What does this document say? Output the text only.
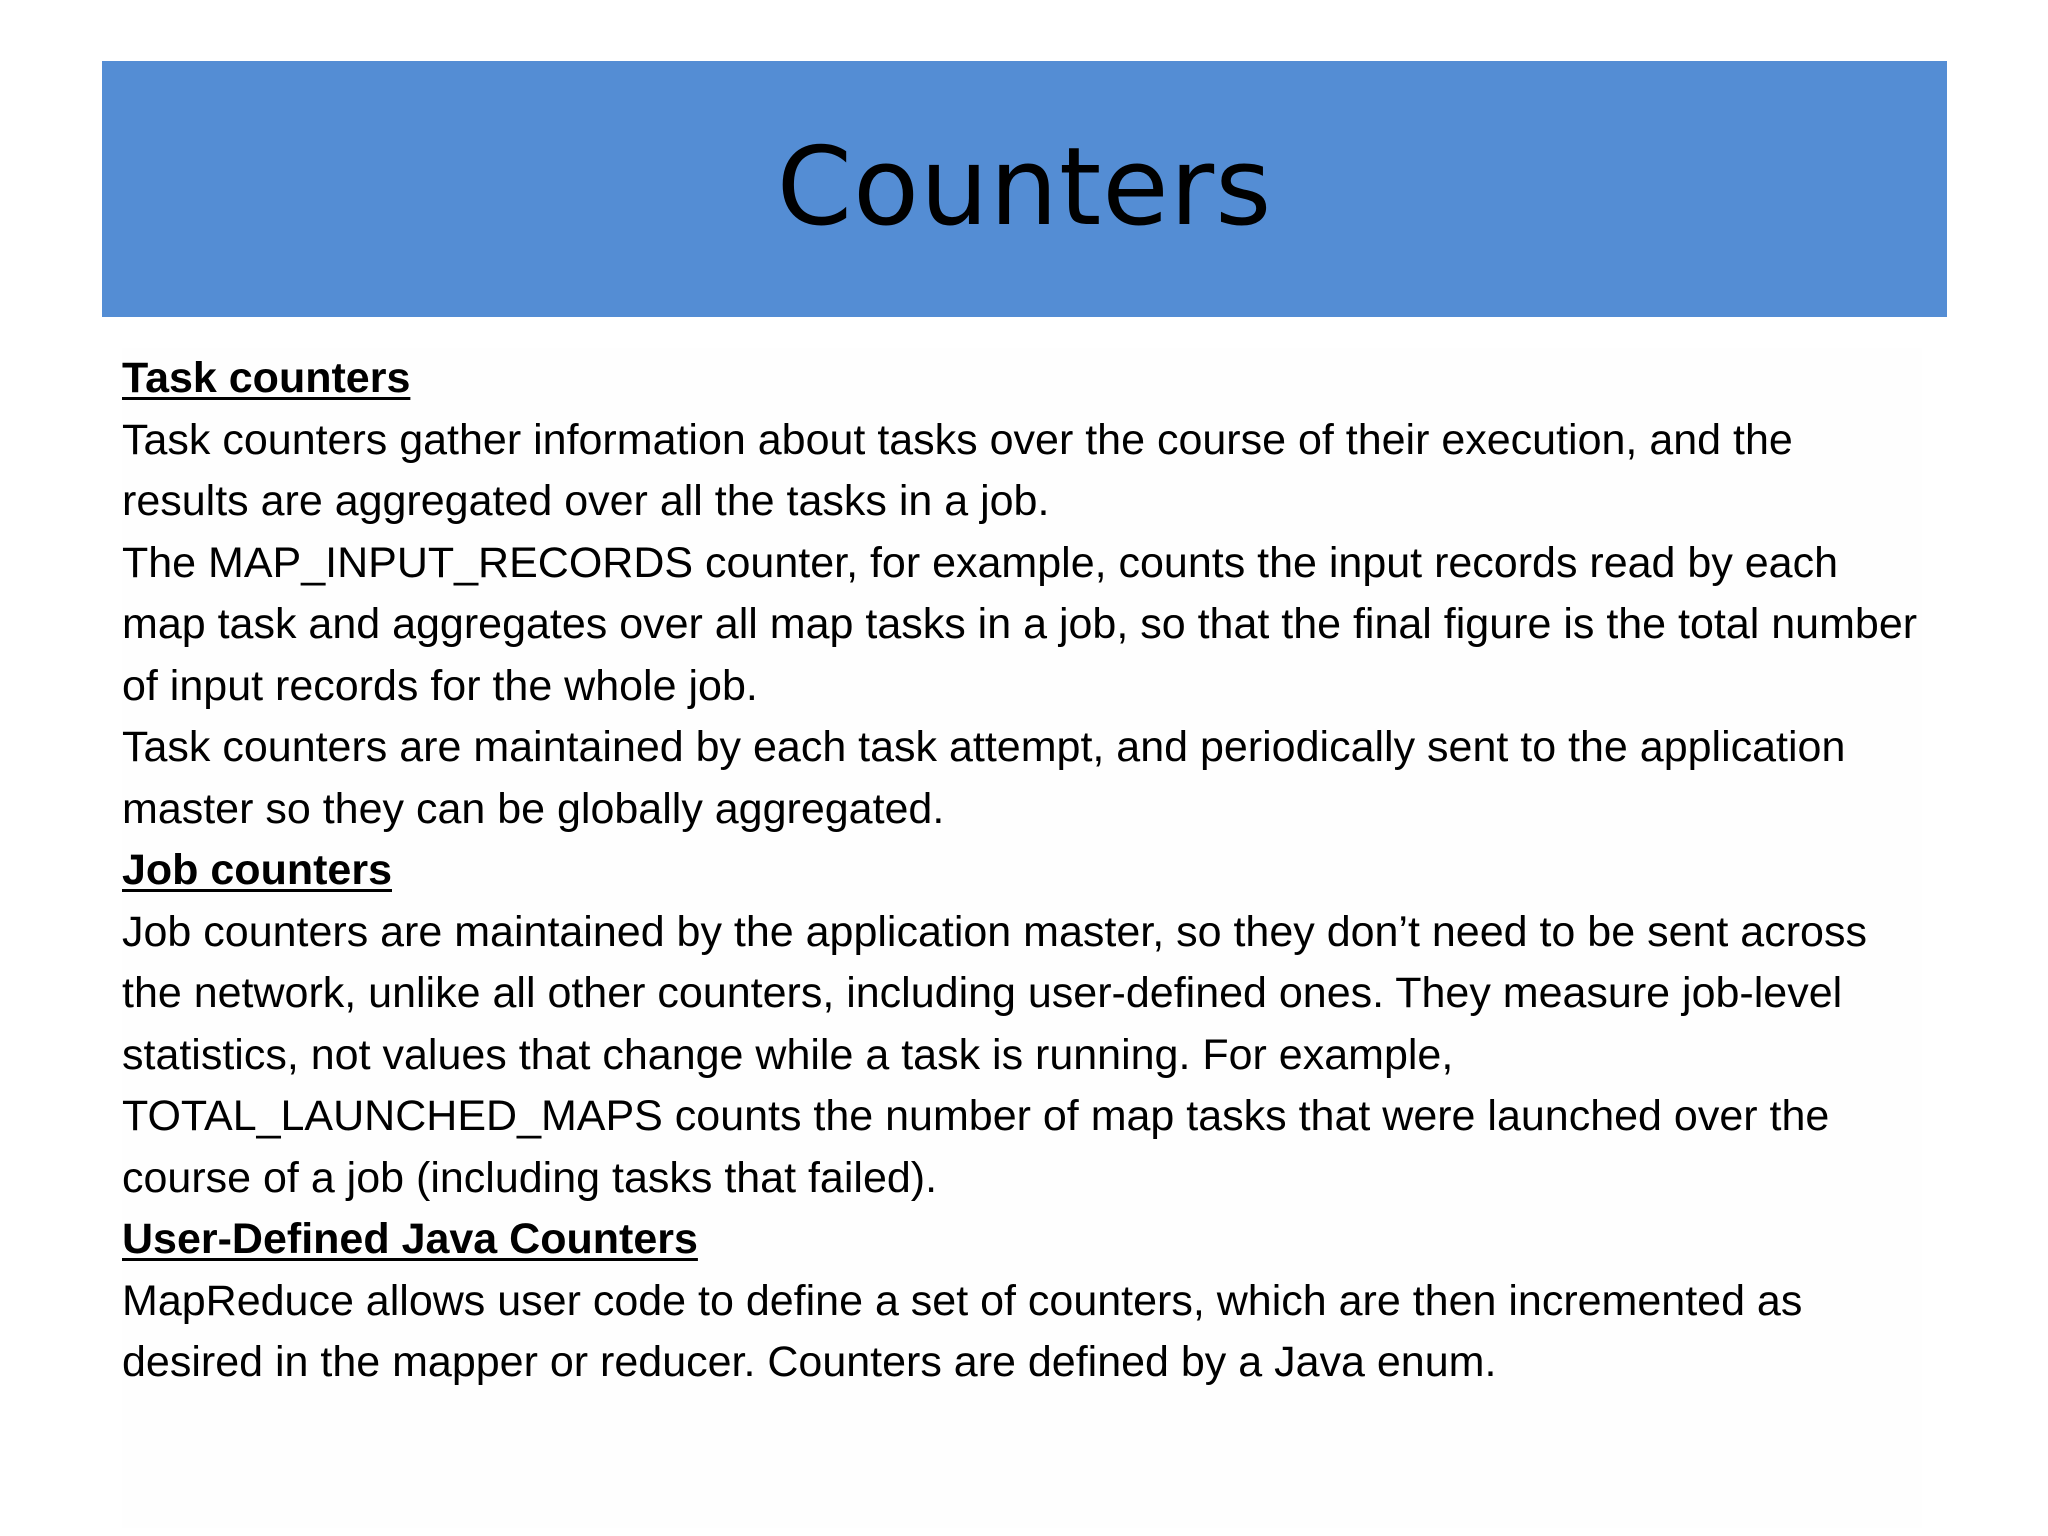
Counters
Task counters
Task counters gather information about tasks over the course of their execution, and the results are aggregated over all the tasks in a job.
The MAP_INPUT_RECORDS counter, for example, counts the input records read by each map task and aggregates over all map tasks in a job, so that the final figure is the total number of input records for the whole job.
Task counters are maintained by each task attempt, and periodically sent to the application master so they can be globally aggregated.
Job counters
Job counters are maintained by the application master, so they don’t need to be sent across the network, unlike all other counters, including user-defined ones. They measure job-level statistics, not values that change while a task is running. For example, TOTAL_LAUNCHED_MAPS counts the number of map tasks that were launched over the course of a job (including tasks that failed).
User-Defined Java Counters
MapReduce allows user code to define a set of counters, which are then incremented as desired in the mapper or reducer. Counters are defined by a Java enum.
